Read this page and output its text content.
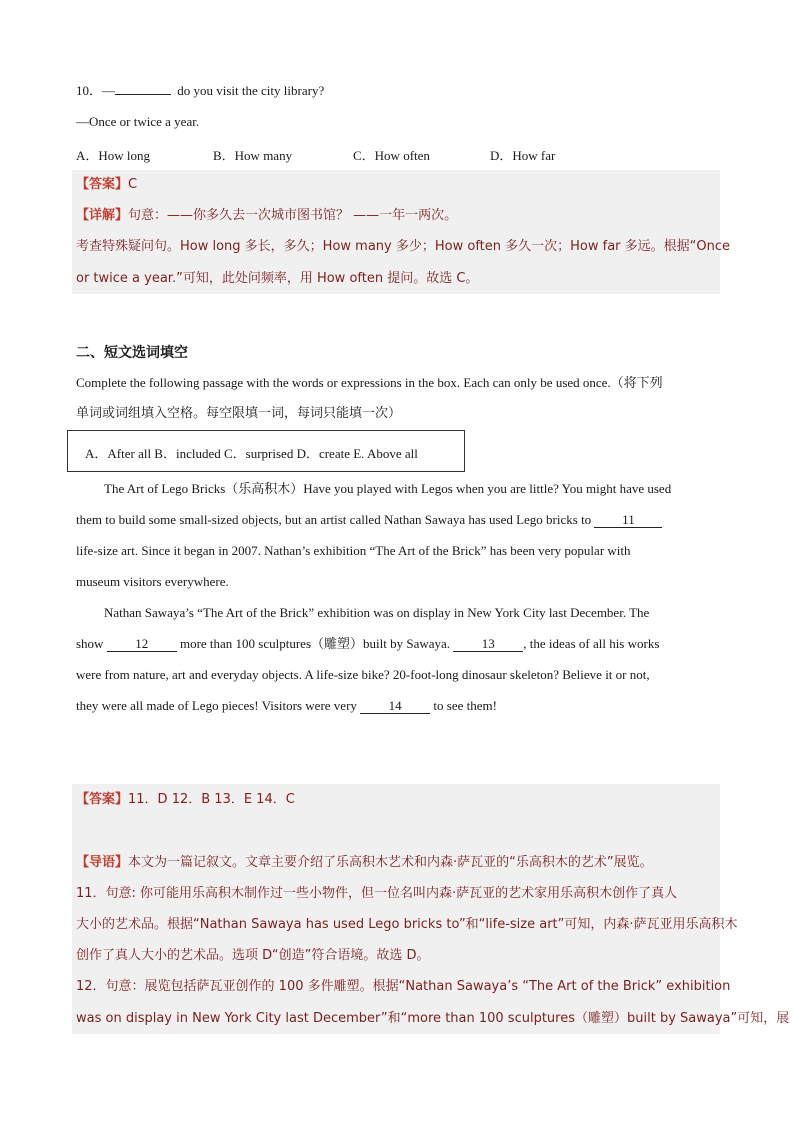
10．—	do you visit the city library?
—Once or twice a year.
A．How long	B．How many	C．How often	D．How far
【答案】C
【详解】句意：——你多久去一次城市图书馆？ ——一年一两次。
考查特殊疑问句。How long 多长，多久；How many 多少；How often 多久一次；How far 多远。根据“Once
or twice a year.”可知，此处问频率，用 How often 提问。故选 C。
二、短文选词填空
Complete the following passage with the words or expressions in the box. Each can only be used once.（将下列
单词或词组填入空格。每空限填一词，每词只能填一次）
A．After all B．included C．surprised D．create E. Above all
The Art of Lego Bricks（乐高积木）Have you played with Legos when you are little? You might have used
them to build some small-sized objects, but an artist called Nathan Sawaya has used Lego bricks to 11
life-size art. Since it began in 2007. Nathan’s exhibition “The Art of the Brick” has been very popular with
museum visitors everywhere.
Nathan Sawaya’s “The Art of the Brick” exhibition was on display in New York City last December. The
show 12 more than 100 sculptures（雕塑）built by Sawaya. 13 , the ideas of all his works
were from nature, art and everyday objects. A life-size bike? 20-foot-long dinosaur skeleton? Believe it or not,
they were all made of Lego pieces! Visitors were very 14 to see them!
【答案】11．D 12．B 13．E 14．C
【导语】本文为一篇记叙文。文章主要介绍了乐高积木艺术和内森·萨瓦亚的“乐高积木的艺术”展览。
11．句意: 你可能用乐高积木制作过一些小物件，但一位名叫内森·萨瓦亚的艺术家用乐高积木创作了真人
大小的艺术品。根据“Nathan Sawaya has used Lego bricks to”和“life-size art”可知，内森·萨瓦亚用乐高积木
创作了真人大小的艺术品。选项 D“创造”符合语境。故选 D。
12．句意：展览包括萨瓦亚创作的 100 多件雕塑。根据“Nathan Sawaya’s “The Art of the Brick” exhibition
was on display in New York City last December”和“more than 100 sculptures（雕塑）built by Sawaya”可知，展
